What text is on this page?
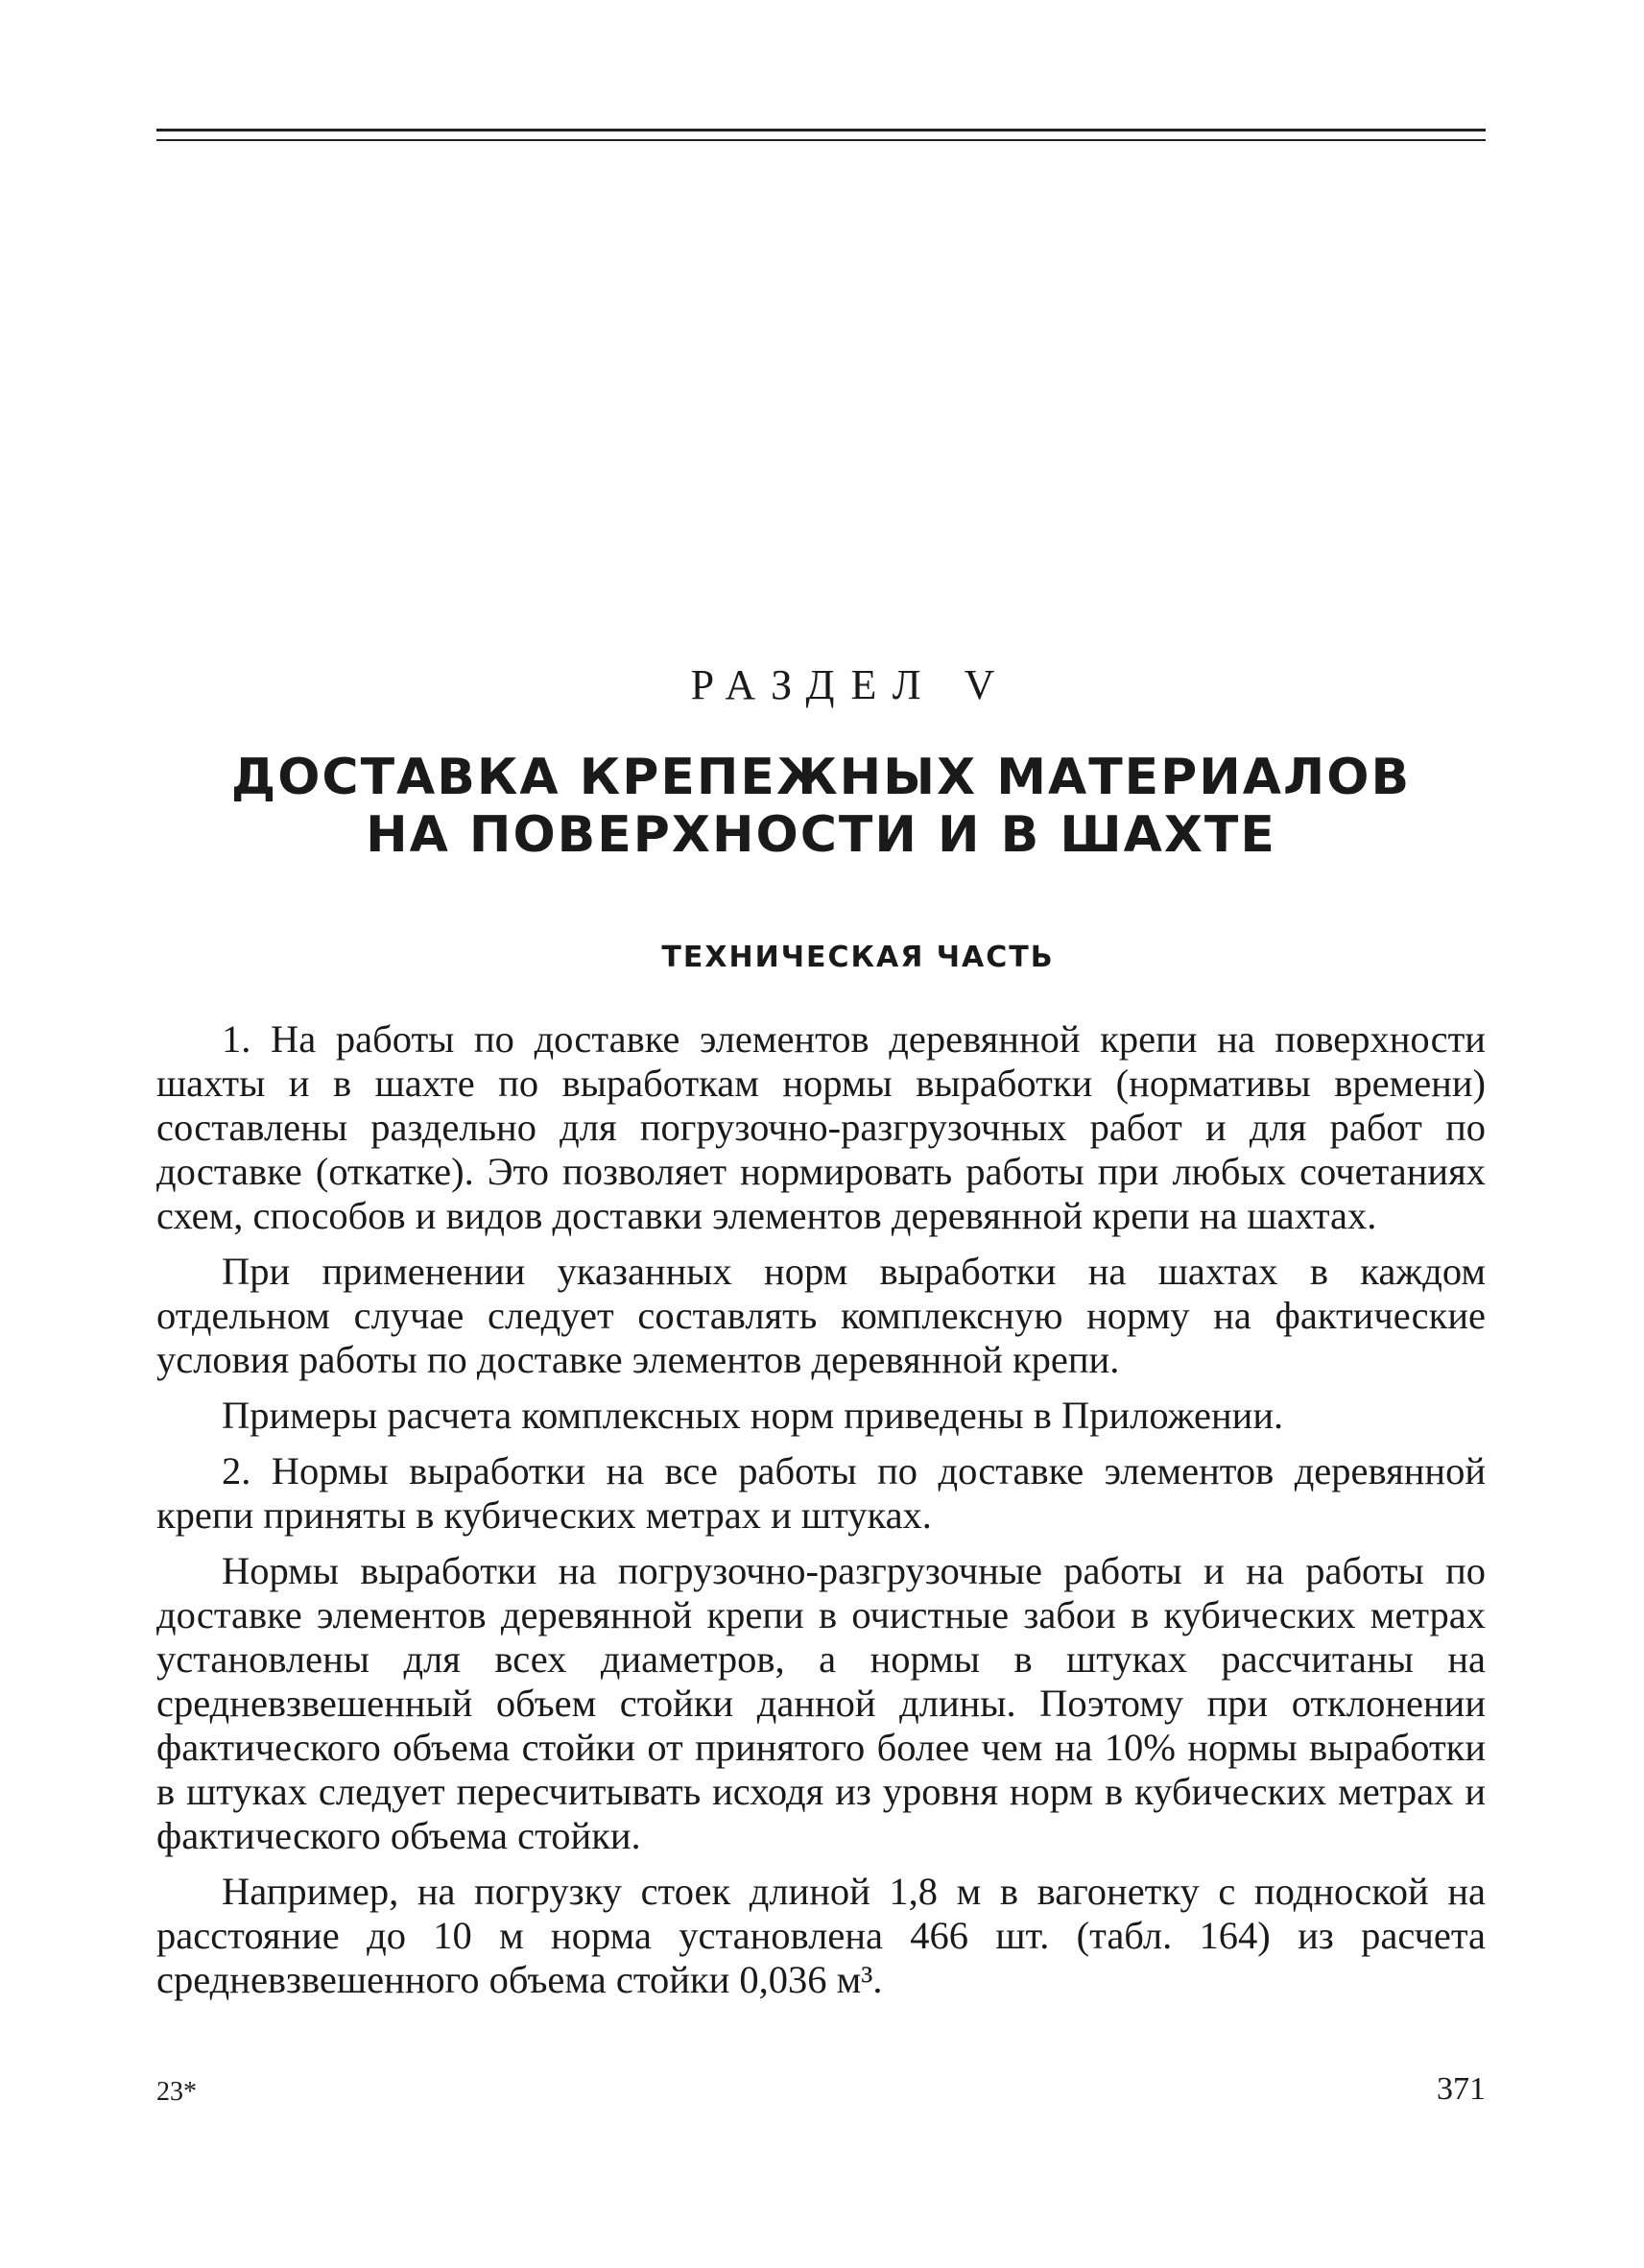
РАЗДЕЛ V
ДОСТАВКА КРЕПЕЖНЫХ МАТЕРИАЛОВ
НА ПОВЕРХНОСТИ И В ШАХТЕ
ТЕХНИЧЕСКАЯ ЧАСТЬ

1. На работы по доставке элементов деревянной крепи на поверхности шахты и в шахте по выработкам нормы выработки (нормативы времени) составлены раздельно для погрузочно-разгрузочных работ и для работ по доставке (откатке). Это позволяет нормировать работы при любых сочетаниях схем, способов и видов доставки элементов деревянной крепи на шахтах.

При применении указанных норм выработки на шахтах в каждом отдельном случае следует составлять комплексную норму на фактические условия работы по доставке элементов деревянной крепи.

Примеры расчета комплексных норм приведены в Приложении.

2. Нормы выработки на все работы по доставке элементов деревянной крепи приняты в кубических метрах и штуках.

Нормы выработки на погрузочно-разгрузочные работы и на работы по доставке элементов деревянной крепи в очистные забои в кубических метрах установлены для всех диаметров, а нормы в штуках рассчитаны на средневзвешенный объем стойки данной длины. Поэтому при отклонении фактического объема стойки от принятого более чем на 10% нормы выработки в штуках следует пересчитывать исходя из уровня норм в кубических метрах и фактического объема стойки.

Например, на погрузку стоек длиной 1,8 м в вагонетку с подноской на расстояние до 10 м норма установлена 466 шт. (табл. 164) из расчета средневзвешенного объема стойки 0,036 м³.

23*	371
